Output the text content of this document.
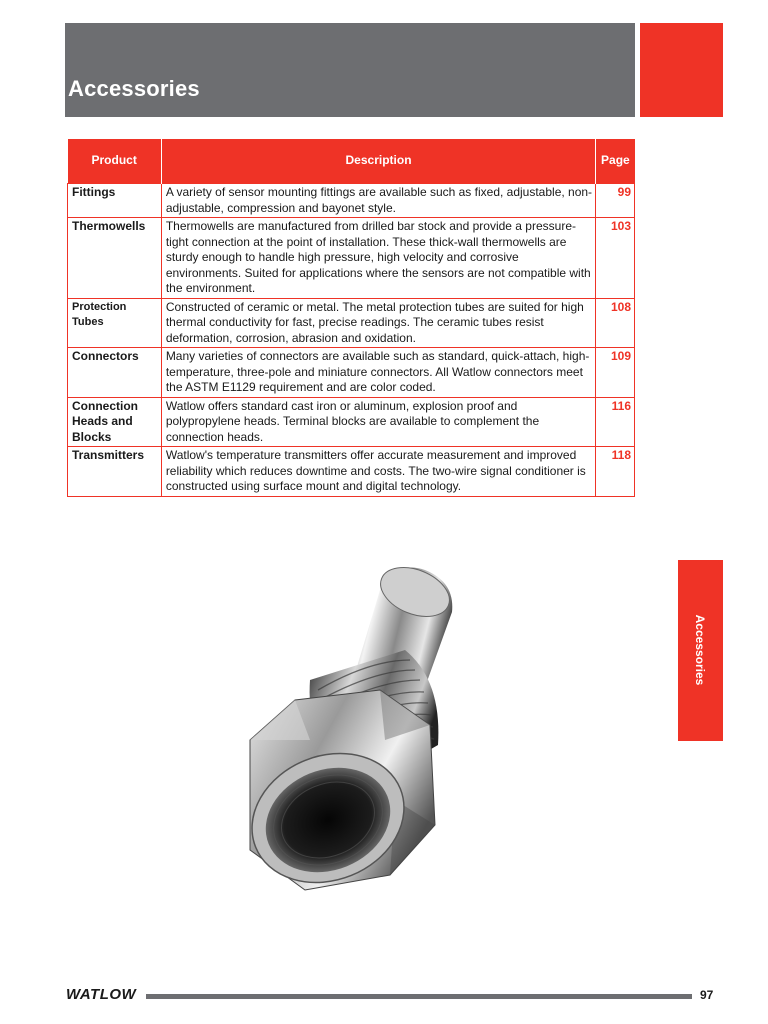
Accessories
Product	Description	Page
Fittings	A variety of sensor mounting fittings are available such as fixed, adjustable, non-adjustable, compression and bayonet style.	99
Thermowells	Thermowells are manufactured from drilled bar stock and provide a pressure-tight connection at the point of installation. These thick-wall thermowells are sturdy enough to handle high pressure, high velocity and corrosive environments. Suited for applications where the sensors are not compatible with the environment.	103
Protection Tubes	Constructed of ceramic or metal. The metal protection tubes are suited for high thermal conductivity for fast, precise readings. The ceramic tubes resist deformation, corrosion, abrasion and oxidation.	108
Connectors	Many varieties of connectors are available such as standard, quick-attach, high-temperature, three-pole and miniature connectors. All Watlow connectors meet the ASTM E1129 requirement and are color coded.	109
Connection Heads and Blocks	Watlow offers standard cast iron or aluminum, explosion proof and polypropylene heads. Terminal blocks are available to complement the connection heads.	116
Transmitters	Watlow's temperature transmitters offer accurate measurement and improved reliability which reduces downtime and costs. The two-wire signal conditioner is constructed using surface mount and digital technology.	118
Accessories
WATLOW	97
